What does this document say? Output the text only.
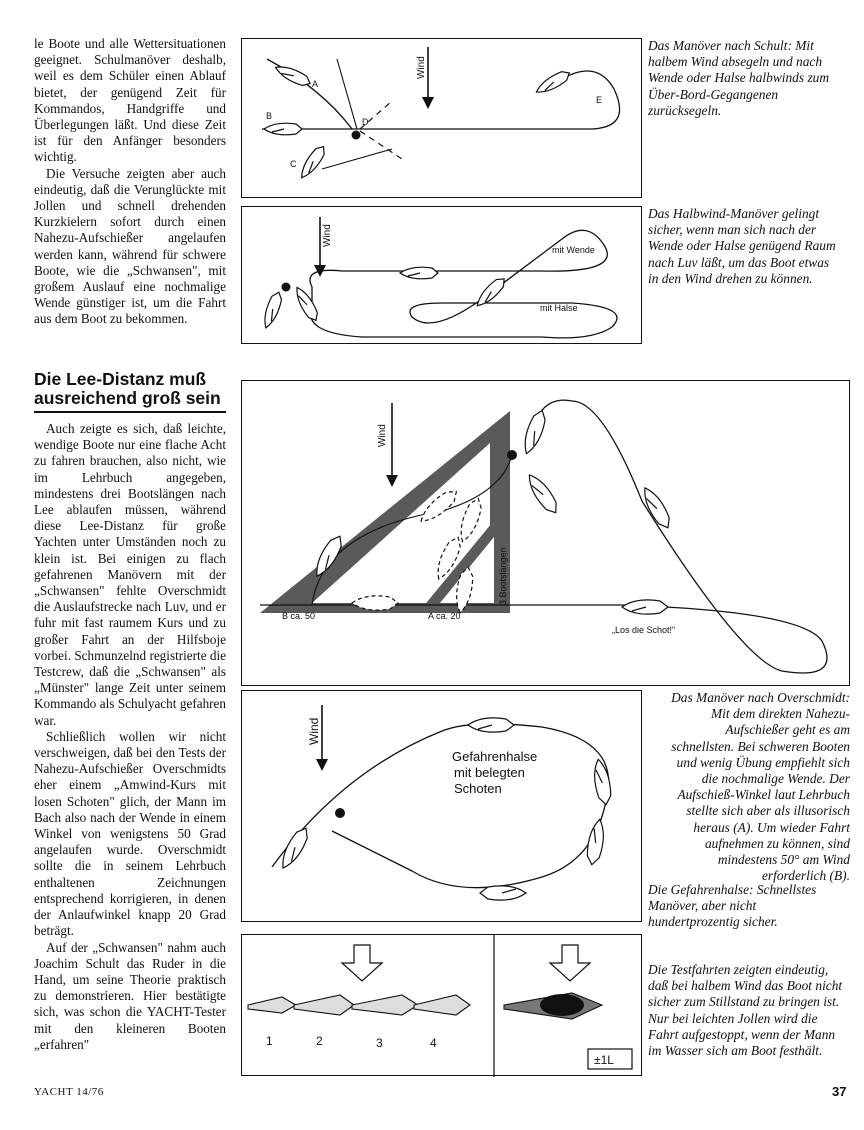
le Boote und alle Wettersituationen geeignet. Schulmanöver deshalb, weil es dem Schüler einen Ablauf bietet, der genügend Zeit für Kommandos, Handgriffe und Überlegungen läßt. Und diese Zeit ist für den Anfänger besonders wichtig.

Die Versuche zeigten aber auch eindeutig, daß die Verunglückte mit Jollen und schnell drehenden Kurzkielern sofort durch einen Nahezu-Aufschießer angelaufen werden kann, während für schwere Boote, wie die „Schwansen", mit großem Auslauf eine nochmalige Wende günstiger ist, um die Fahrt aus dem Boot zu bekommen.

Die Lee-Distanz muß ausreichend groß sein

Auch zeigte es sich, daß leichte, wendige Boote nur eine flache Acht zu fahren brauchen, also nicht, wie im Lehrbuch angegeben, mindestens drei Bootslängen nach Lee ablaufen müssen, während diese Lee-Distanz für große Yachten unter Umständen noch zu klein ist. Bei einigen zu flach gefahrenen Manövern mit der „Schwansen" fehlte Overschmidt die Auslaufstrecke nach Luv, und er fuhr mit fast raumem Kurs und zu großer Fahrt an der Hilfsboje vorbei. Schmunzelnd registrierte die Testcrew, daß die „Schwansen" als „Münster" lange Zeit unter seinem Kommando als Schulyacht gefahren war.

Schließlich wollen wir nicht verschweigen, daß bei den Tests der Nahezu-Aufschießer Overschmidts eher einem „Amwind-Kurs mit losen Schoten" glich, der Mann im Bach also nach der Wende in einem Winkel von wenigstens 50 Grad angelaufen wurde. Overschmidt sollte die in seinem Lehrbuch enthaltenen Zeichnungen entsprechend korrigieren, in denen der Anlaufwinkel knapp 20 Grad beträgt.

Auf der „Schwansen" nahm auch Joachim Schult das Ruder in die Hand, um seine Theorie praktisch zu demonstrieren. Hier bestätigte sich, was schon die YACHT-Tester mit den kleineren Booten „erfahren"

Wind
A
B
C
D
E
Das Manöver nach Schult: Mit halbem Wind absegeln und nach Wende oder Halse halbwinds zum Über-Bord-Gegangenen zurücksegeln.
Wind
mit Wende
mit Halse
Das Halbwind-Manöver gelingt sicher, wenn man sich nach der Wende oder Halse genügend Raum nach Luv läßt, um das Boot etwas in den Wind drehen zu können.
Wind
B ca. 50	A ca. 20
3 Bootslängen
„Los die Schot!"
Wind
Gefahrenhalse
mit belegten
Schoten
Das Manöver nach Overschmidt: Mit dem direkten Nahezu-Aufschießer geht es am schnellsten. Bei schweren Booten und wenig Übung empfiehlt sich die nochmalige Wende. Der Aufschieß-Winkel laut Lehrbuch stellte sich aber als illusorisch heraus (A). Um wieder Fahrt aufnehmen zu können, sind mindestens 50° am Wind erforderlich (B).
Die Gefahrenhalse: Schnellstes Manöver, aber nicht hundertprozentig sicher.
1	2	3	4
±1L
Die Testfahrten zeigten eindeutig, daß bei halbem Wind das Boot nicht sicher zum Stillstand zu bringen ist. Nur bei leichten Jollen wird die Fahrt aufgestoppt, wenn der Mann im Wasser sich am Boot festhält.
YACHT 14/76	37
